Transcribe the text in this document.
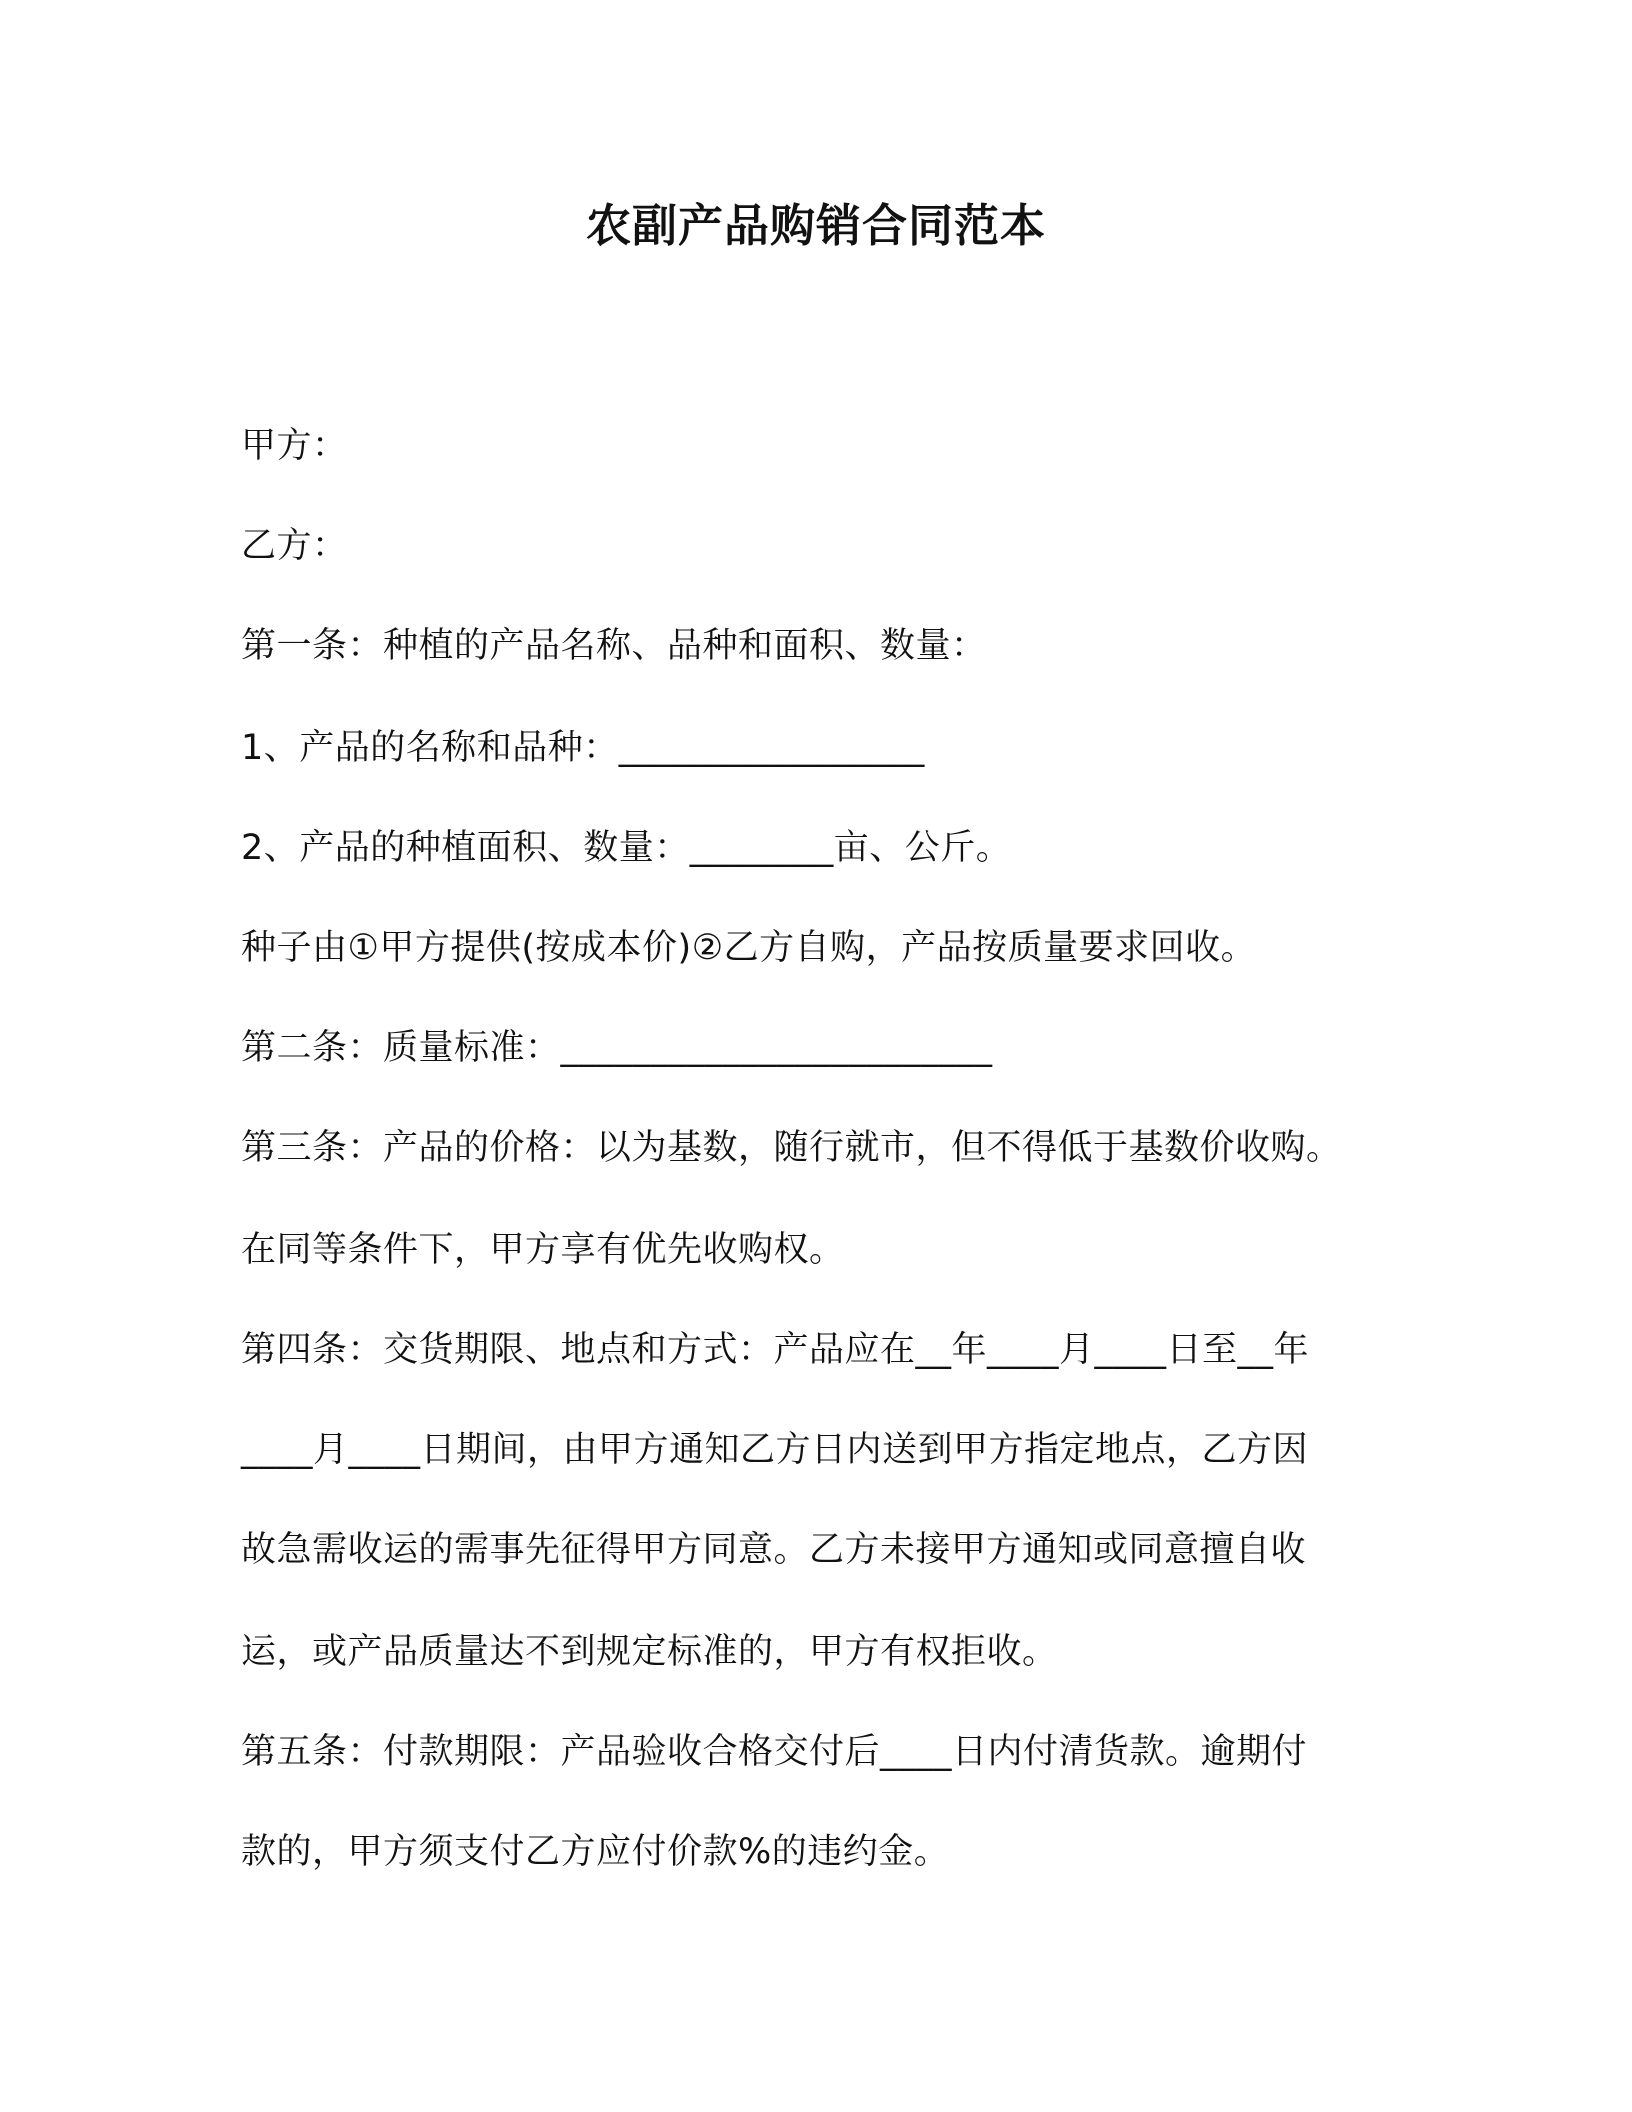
农副产品购销合同范本
甲方：
乙方：
第一条：种植的产品名称、品种和面积、数量：
1、产品的名称和品种：_________________
2、产品的种植面积、数量：________亩、公斤。
种子由①甲方提供(按成本价)②乙方自购，产品按质量要求回收。
第二条：质量标准：________________________
第三条：产品的价格：以为基数，随行就市，但不得低于基数价收购。
在同等条件下，甲方享有优先收购权。
第四条：交货期限、地点和方式：产品应在__年____月____日至__年
____月____日期间，由甲方通知乙方日内送到甲方指定地点，乙方因
故急需收运的需事先征得甲方同意。乙方未接甲方通知或同意擅自收
运，或产品质量达不到规定标准的，甲方有权拒收。
第五条：付款期限：产品验收合格交付后____日内付清货款。逾期付
款的，甲方须支付乙方应付价款%的违约金。
